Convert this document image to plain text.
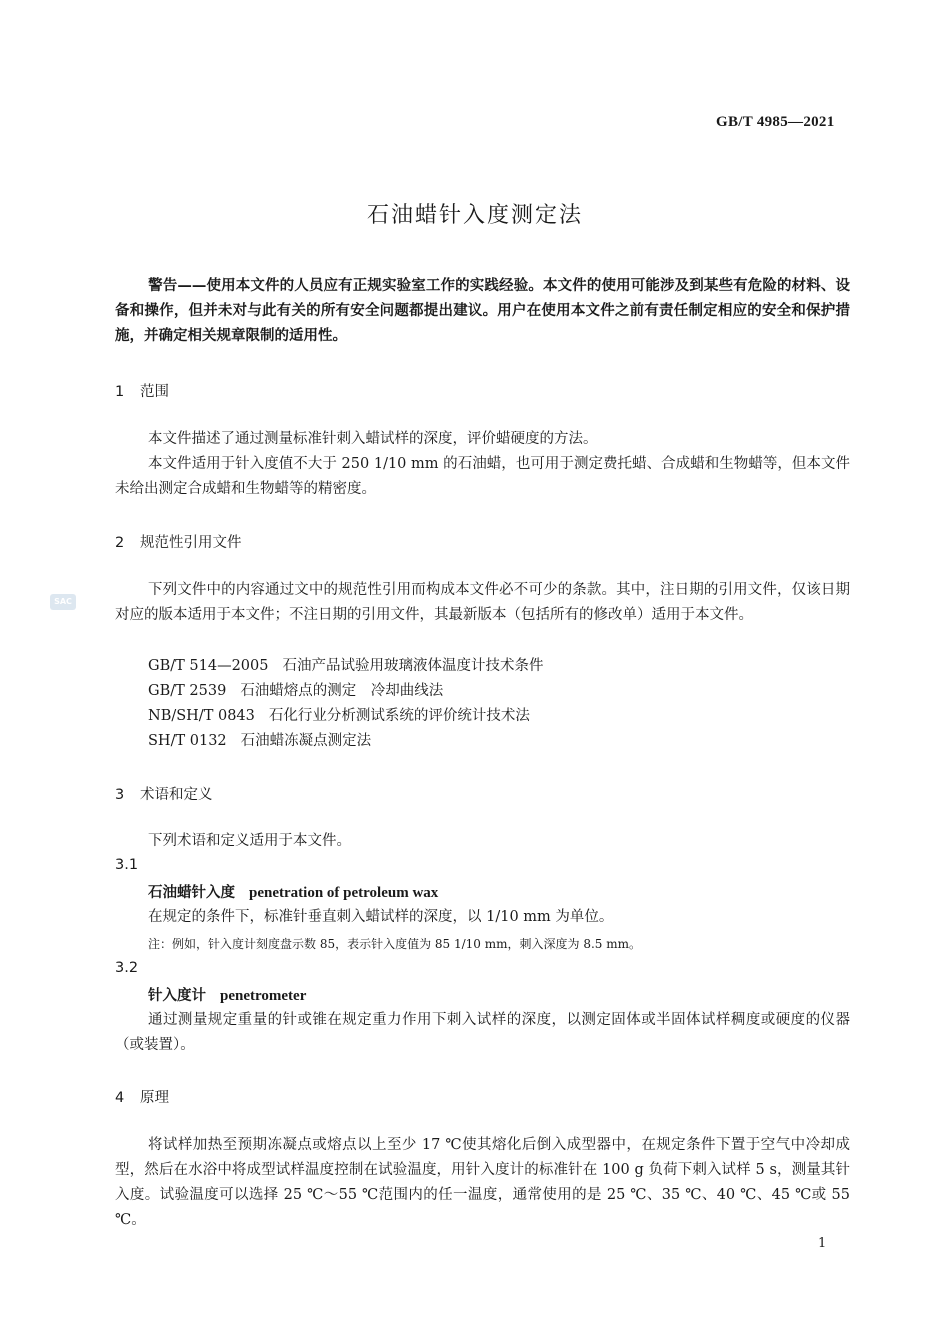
GB/T 4985—2021
石油蜡针入度测定法
警告——使用本文件的人员应有正规实验室工作的实践经验。本文件的使用可能涉及到某些有危险的材料、设备和操作，但并未对与此有关的所有安全问题都提出建议。用户在使用本文件之前有责任制定相应的安全和保护措施，并确定相关规章限制的适用性。
SAC
1 范围
本文件描述了通过测量标准针刺入蜡试样的深度，评价蜡硬度的方法。
本文件适用于针入度值不大于 250 1/10 mm 的石油蜡，也可用于测定费托蜡、合成蜡和生物蜡等，但本文件未给出测定合成蜡和生物蜡等的精密度。
2 规范性引用文件
下列文件中的内容通过文中的规范性引用而构成本文件必不可少的条款。其中，注日期的引用文件，仅该日期对应的版本适用于本文件；不注日期的引用文件，其最新版本（包括所有的修改单）适用于本文件。
GB/T 514—2005 石油产品试验用玻璃液体温度计技术条件
GB/T 2539 石油蜡熔点的测定　冷却曲线法
NB/SH/T 0843 石化行业分析测试系统的评价统计技术法
SH/T 0132 石油蜡冻凝点测定法
3 术语和定义
下列术语和定义适用于本文件。
3.1
石油蜡针入度 penetration of petroleum wax
在规定的条件下，标准针垂直刺入蜡试样的深度，以 1/10 mm 为单位。
注：例如，针入度计刻度盘示数 85，表示针入度值为 85 1/10 mm，刺入深度为 8.5 mm。
3.2
针入度计 penetrometer
通过测量规定重量的针或锥在规定重力作用下刺入试样的深度，以测定固体或半固体试样稠度或硬度的仪器（或装置）。
4 原理
将试样加热至预期冻凝点或熔点以上至少 17 ℃使其熔化后倒入成型器中，在规定条件下置于空气中冷却成型，然后在水浴中将成型试样温度控制在试验温度，用针入度计的标准针在 100 g 负荷下刺入试样 5 s，测量其针入度。试验温度可以选择 25 ℃～55 ℃范围内的任一温度，通常使用的是 25 ℃、35 ℃、40 ℃、45 ℃或 55 ℃。
1
